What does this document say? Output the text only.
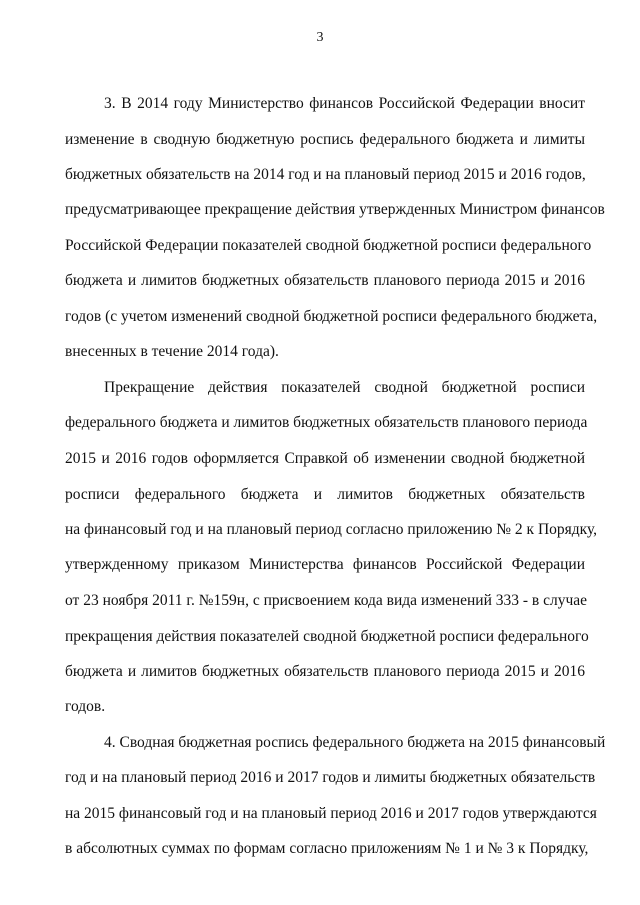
3
3. В 2014 году Министерство финансов Российской Федерации вносит
изменение в сводную бюджетную роспись федерального бюджета и лимиты
бюджетных обязательств на 2014 год и на плановый период 2015 и 2016 годов,
предусматривающее прекращение действия утвержденных Министром финансов
Российской Федерации показателей сводной бюджетной росписи федерального
бюджета и лимитов бюджетных обязательств планового периода 2015 и 2016
годов (с учетом изменений сводной бюджетной росписи федерального бюджета,
внесенных в течение 2014 года).
Прекращение действия показателей сводной бюджетной росписи
федерального бюджета и лимитов бюджетных обязательств планового периода
2015 и 2016 годов оформляется Справкой об изменении сводной бюджетной
росписи федерального бюджета и лимитов бюджетных обязательств
на финансовый год и на плановый период согласно приложению № 2 к Порядку,
утвержденному приказом Министерства финансов Российской Федерации
от 23 ноября 2011 г. №159н, с присвоением кода вида изменений 333 - в случае
прекращения действия показателей сводной бюджетной росписи федерального
бюджета и лимитов бюджетных обязательств планового периода 2015 и 2016
годов.
4. Сводная бюджетная роспись федерального бюджета на 2015 финансовый
год и на плановый период 2016 и 2017 годов и лимиты бюджетных обязательств
на 2015 финансовый год и на плановый период 2016 и 2017 годов утверждаются
в абсолютных суммах по формам согласно приложениям № 1 и № 3 к Порядку,
